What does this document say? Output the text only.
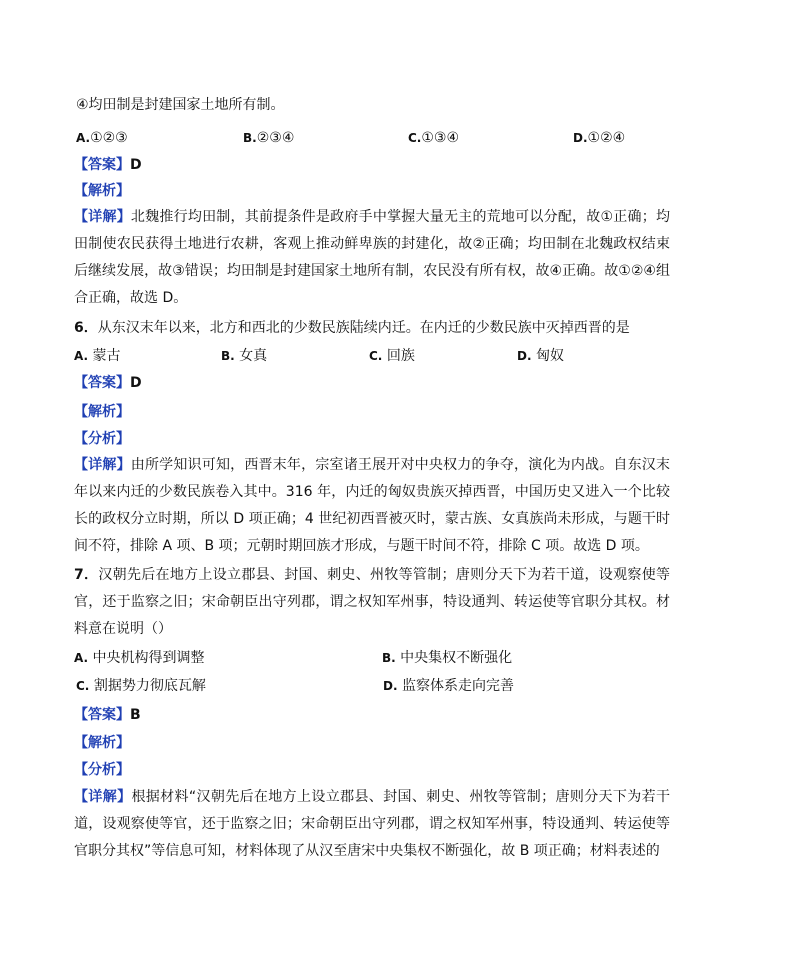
④均田制是封建国家土地所有制。
A.①②③	B.②③④	C.①③④	D.①②④
【答案】D
【解析】
【详解】北魏推行均田制，其前提条件是政府手中掌握大量无主的荒地可以分配，故①正确；均田制使农民获得土地进行农耕，客观上推动鲜卑族的封建化，故②正确；均田制在北魏政权结束后继续发展，故③错误；均田制是封建国家土地所有制，农民没有所有权，故④正确。故①②④组合正确，故选 D。
6．从东汉末年以来，北方和西北的少数民族陆续内迁。在内迁的少数民族中灭掉西晋的是
A. 蒙古	B. 女真	C. 回族	D. 匈奴
【答案】D
【解析】
【分析】
【详解】由所学知识可知，西晋末年，宗室诸王展开对中央权力的争夺，演化为内战。自东汉末年以来内迁的少数民族卷入其中。316 年，内迁的匈奴贵族灭掉西晋，中国历史又进入一个比较长的政权分立时期，所以 D 项正确；4 世纪初西晋被灭时，蒙古族、女真族尚未形成，与题干时间不符，排除 A 项、B 项；元朝时期回族才形成，与题干时间不符，排除 C 项。故选 D 项。
7．汉朝先后在地方上设立郡县、封国、刺史、州牧等管制；唐则分天下为若干道，设观察使等官，还于监察之旧；宋命朝臣出守列郡，谓之权知军州事，特设通判、转运使等官职分其权。材料意在说明（）
A. 中央机构得到调整	B. 中央集权不断强化
C. 割据势力彻底瓦解	D. 监察体系走向完善
【答案】B
【解析】
【分析】
【详解】根据材料“汉朝先后在地方上设立郡县、封国、刺史、州牧等管制；唐则分天下为若干道，设观察使等官，还于监察之旧；宋命朝臣出守列郡，谓之权知军州事，特设通判、转运使等官职分其权”等信息可知，材料体现了从汉至唐宋中央集权不断强化，故 B 项正确；材料表述的
